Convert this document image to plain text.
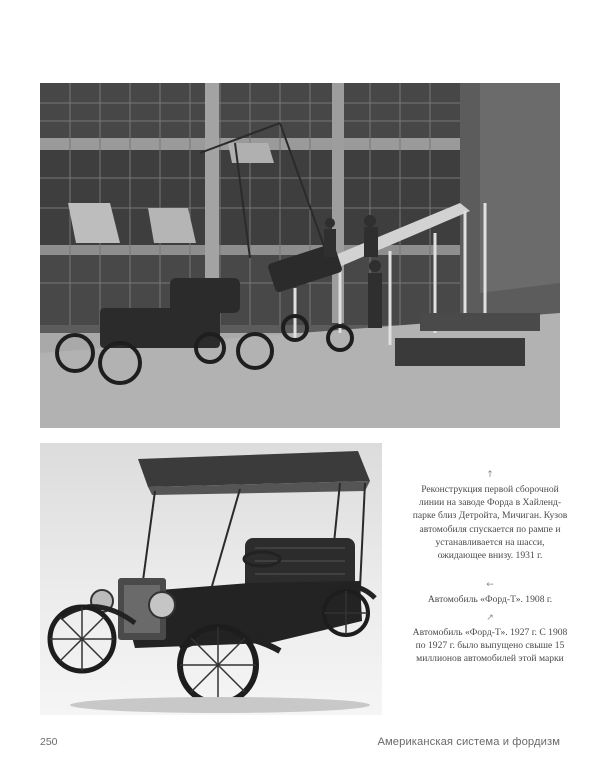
↑
Реконструкция первой сборочной линии на заводе Форда в Хайленд-парке близ Детройта, Мичиган. Кузов автомобиля спускается по рампе и устанавливается на шасси, ожидающее внизу. 1931 г.
←
Автомобиль «Форд-Т». 1908 г.
↗
Автомобиль «Форд-Т». 1927 г. С 1908 по 1927 г. было выпущено свыше 15 миллионов автомобилей этой марки
250	Американская система и фордизм
